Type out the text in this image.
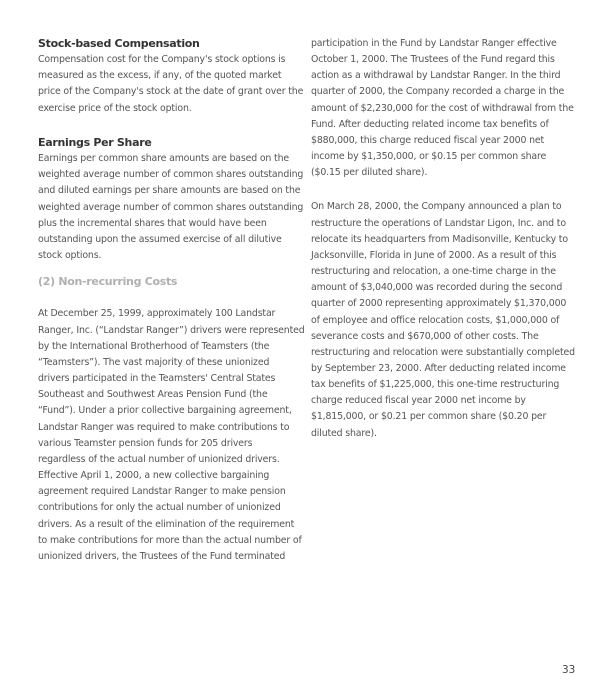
Stock-based Compensation
Compensation cost for the Company's stock options is
measured as the excess, if any, of the quoted market
price of the Company's stock at the date of grant over the
exercise price of the stock option.
Earnings Per Share
Earnings per common share amounts are based on the
weighted average number of common shares outstanding
and diluted earnings per share amounts are based on the
weighted average number of common shares outstanding
plus the incremental shares that would have been
outstanding upon the assumed exercise of all dilutive
stock options.
(2) Non-recurring Costs
At December 25, 1999, approximately 100 Landstar
Ranger, Inc. (“Landstar Ranger”) drivers were represented
by the International Brotherhood of Teamsters (the
“Teamsters”). The vast majority of these unionized
drivers participated in the Teamsters' Central States
Southeast and Southwest Areas Pension Fund (the
“Fund”). Under a prior collective bargaining agreement,
Landstar Ranger was required to make contributions to
various Teamster pension funds for 205 drivers
regardless of the actual number of unionized drivers.
Effective April 1, 2000, a new collective bargaining
agreement required Landstar Ranger to make pension
contributions for only the actual number of unionized
drivers. As a result of the elimination of the requirement
to make contributions for more than the actual number of
unionized drivers, the Trustees of the Fund terminated
participation in the Fund by Landstar Ranger effective
October 1, 2000. The Trustees of the Fund regard this
action as a withdrawal by Landstar Ranger. In the third
quarter of 2000, the Company recorded a charge in the
amount of $2,230,000 for the cost of withdrawal from the
Fund. After deducting related income tax benefits of
$880,000, this charge reduced fiscal year 2000 net
income by $1,350,000, or $0.15 per common share
($0.15 per diluted share).
On March 28, 2000, the Company announced a plan to
restructure the operations of Landstar Ligon, Inc. and to
relocate its headquarters from Madisonville, Kentucky to
Jacksonville, Florida in June of 2000. As a result of this
restructuring and relocation, a one-time charge in the
amount of $3,040,000 was recorded during the second
quarter of 2000 representing approximately $1,370,000
of employee and office relocation costs, $1,000,000 of
severance costs and $670,000 of other costs. The
restructuring and relocation were substantially completed
by September 23, 2000. After deducting related income
tax benefits of $1,225,000, this one-time restructuring
charge reduced fiscal year 2000 net income by
$1,815,000, or $0.21 per common share ($0.20 per
diluted share).
33
